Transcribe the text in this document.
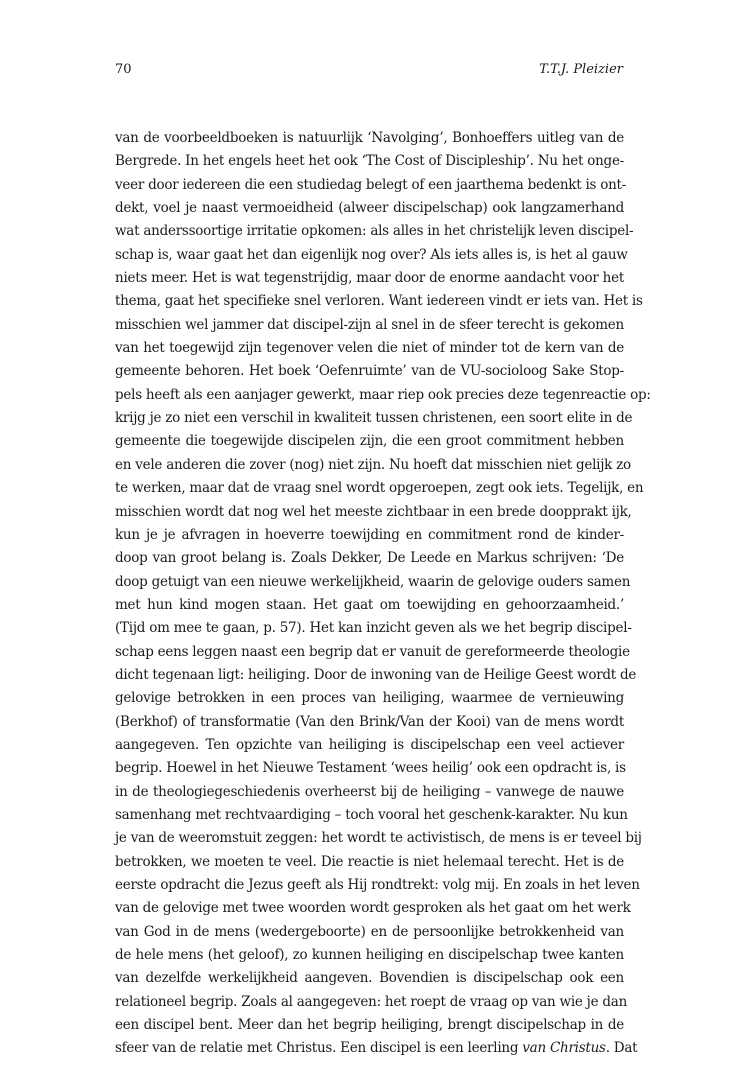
70	T.T.J. Pleizier
van de voorbeeldboeken is natuurlijk ‘Navolging’, Bonhoeffers uitleg van de
Bergrede. In het engels heet het ook ‘The Cost of Discipleship’. Nu het onge-
veer door iedereen die een studiedag belegt of een jaarthema bedenkt is ont-
dekt, voel je naast vermoeidheid (alweer discipelschap) ook langzamerhand
wat anderssoortige irritatie opkomen: als alles in het christelijk leven discipel-
schap is, waar gaat het dan eigenlijk nog over? Als iets alles is, is het al gauw
niets meer. Het is wat tegenstrijdig, maar door de enorme aandacht voor het
thema, gaat het specifieke snel verloren. Want iedereen vindt er iets van. Het is
misschien wel jammer dat discipel-zijn al snel in de sfeer terecht is gekomen
van het toegewijd zijn tegenover velen die niet of minder tot de kern van de
gemeente behoren. Het boek ‘Oefenruimte’ van de VU-socioloog Sake Stop-
pels heeft als een aanjager gewerkt, maar riep ook precies deze tegenreactie op:
krijg je zo niet een verschil in kwaliteit tussen christenen, een soort elite in de
gemeente die toegewijde discipelen zijn, die een groot commitment hebben
en vele anderen die zover (nog) niet zijn. Nu hoeft dat misschien niet gelijk zo
te werken, maar dat de vraag snel wordt opgeroepen, zegt ook iets. Tegelijk, en
misschien wordt dat nog wel het meeste zichtbaar in een brede doopprakt ijk,
kun je je afvragen in hoeverre toewijding en commitment rond de kinder-
doop van groot belang is. Zoals Dekker, De Leede en Markus schrijven: ‘De
doop getuigt van een nieuwe werkelijkheid, waarin de gelovige ouders samen
met hun kind mogen staan. Het gaat om toewijding en gehoorzaamheid.’
(Tijd om mee te gaan, p. 57). Het kan inzicht geven als we het begrip discipel-
schap eens leggen naast een begrip dat er vanuit de gereformeerde theologie
dicht tegenaan ligt: heiliging. Door de inwoning van de Heilige Geest wordt de
gelovige betrokken in een proces van heiliging, waarmee de vernieuwing
(Berkhof) of transformatie (Van den Brink/Van der Kooi) van de mens wordt
aangegeven. Ten opzichte van heiliging is discipelschap een veel actiever
begrip. Hoewel in het Nieuwe Testament ‘wees heilig’ ook een opdracht is, is
in de theologiegeschiedenis overheerst bij de heiliging – vanwege de nauwe
samenhang met rechtvaardiging – toch vooral het geschenk-karakter. Nu kun
je van de weeromstuit zeggen: het wordt te activistisch, de mens is er teveel bij
betrokken, we moeten te veel. Die reactie is niet helemaal terecht. Het is de
eerste opdracht die Jezus geeft als Hij rondtrekt: volg mij. En zoals in het leven
van de gelovige met twee woorden wordt gesproken als het gaat om het werk
van God in de mens (wedergeboorte) en de persoonlijke betrokkenheid van
de hele mens (het geloof), zo kunnen heiliging en discipelschap twee kanten
van dezelfde werkelijkheid aangeven. Bovendien is discipelschap ook een
relationeel begrip. Zoals al aangegeven: het roept de vraag op van wie je dan
een discipel bent. Meer dan het begrip heiliging, brengt discipelschap in de
sfeer van de relatie met Christus. Een discipel is een leerling van Christus. Dat
